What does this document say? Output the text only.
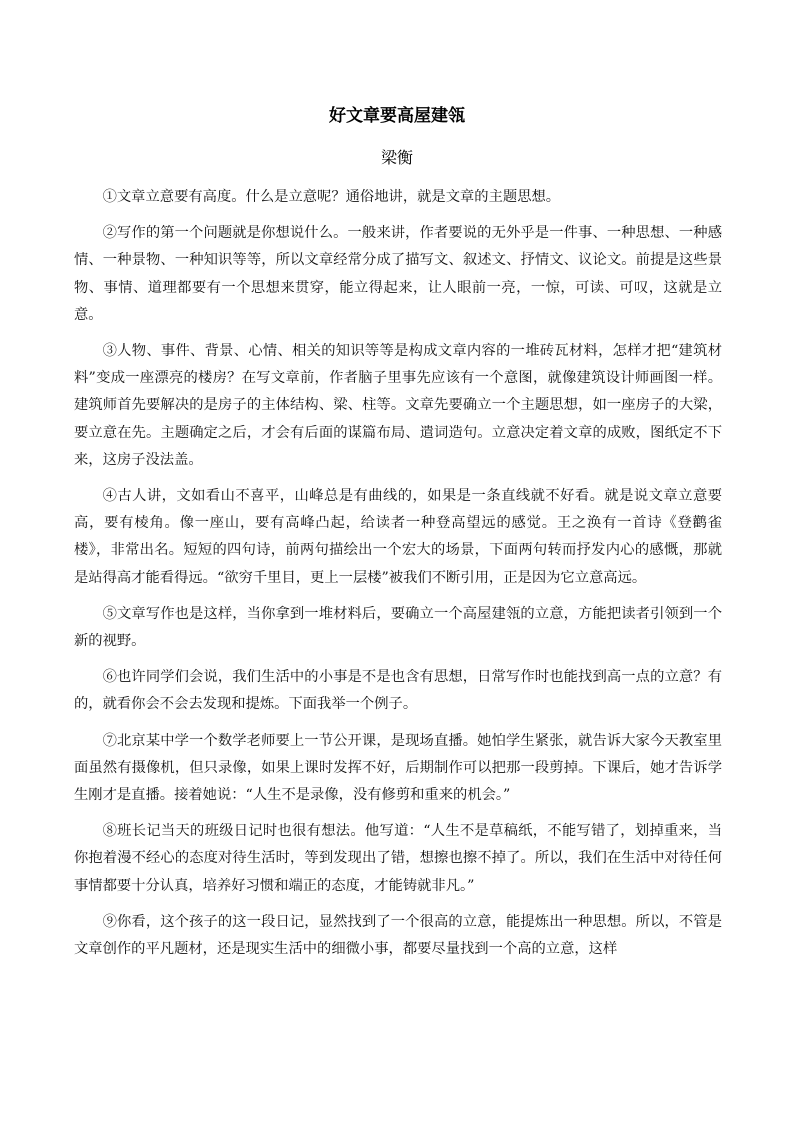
好文章要高屋建瓴
梁衡

①文章立意要有高度。什么是立意呢？通俗地讲，就是文章的主题思想。

②写作的第一个问题就是你想说什么。一般来讲，作者要说的无外乎是一件事、一种思想、一种感情、一种景物、一种知识等等，所以文章经常分成了描写文、叙述文、抒情文、议论文。前提是这些景物、事情、道理都要有一个思想来贯穿，能立得起来，让人眼前一亮，一惊，可读、可叹，这就是立意。

③人物、事件、背景、心情、相关的知识等等是构成文章内容的一堆砖瓦材料，怎样才把“建筑材料”变成一座漂亮的楼房？在写文章前，作者脑子里事先应该有一个意图，就像建筑设计师画图一样。建筑师首先要解决的是房子的主体结构、梁、柱等。文章先要确立一个主题思想，如一座房子的大梁，要立意在先。主题确定之后，才会有后面的谋篇布局、遣词造句。立意决定着文章的成败，图纸定不下来，这房子没法盖。

④古人讲，文如看山不喜平，山峰总是有曲线的，如果是一条直线就不好看。就是说文章立意要高，要有棱角。像一座山，要有高峰凸起，给读者一种登高望远的感觉。王之涣有一首诗《登鹳雀楼》，非常出名。短短的四句诗，前两句描绘出一个宏大的场景，下面两句转而抒发内心的感慨，那就是站得高才能看得远。“欲穷千里目，更上一层楼”被我们不断引用，正是因为它立意高远。

⑤文章写作也是这样，当你拿到一堆材料后，要确立一个高屋建瓴的立意，方能把读者引领到一个新的视野。

⑥也许同学们会说，我们生活中的小事是不是也含有思想，日常写作时也能找到高一点的立意？有的，就看你会不会去发现和提炼。下面我举一个例子。

⑦北京某中学一个数学老师要上一节公开课，是现场直播。她怕学生紧张，就告诉大家今天教室里面虽然有摄像机，但只录像，如果上课时发挥不好，后期制作可以把那一段剪掉。下课后，她才告诉学生刚才是直播。接着她说：“人生不是录像，没有修剪和重来的机会。”

⑧班长记当天的班级日记时也很有想法。他写道：“人生不是草稿纸，不能写错了，划掉重来，当你抱着漫不经心的态度对待生活时，等到发现出了错，想擦也擦不掉了。所以，我们在生活中对待任何事情都要十分认真，培养好习惯和端正的态度，才能铸就非凡。”

⑨你看，这个孩子的这一段日记，显然找到了一个很高的立意，能提炼出一种思想。所以，不管是文章创作的平凡题材，还是现实生活中的细微小事，都要尽量找到一个高的立意，这样
